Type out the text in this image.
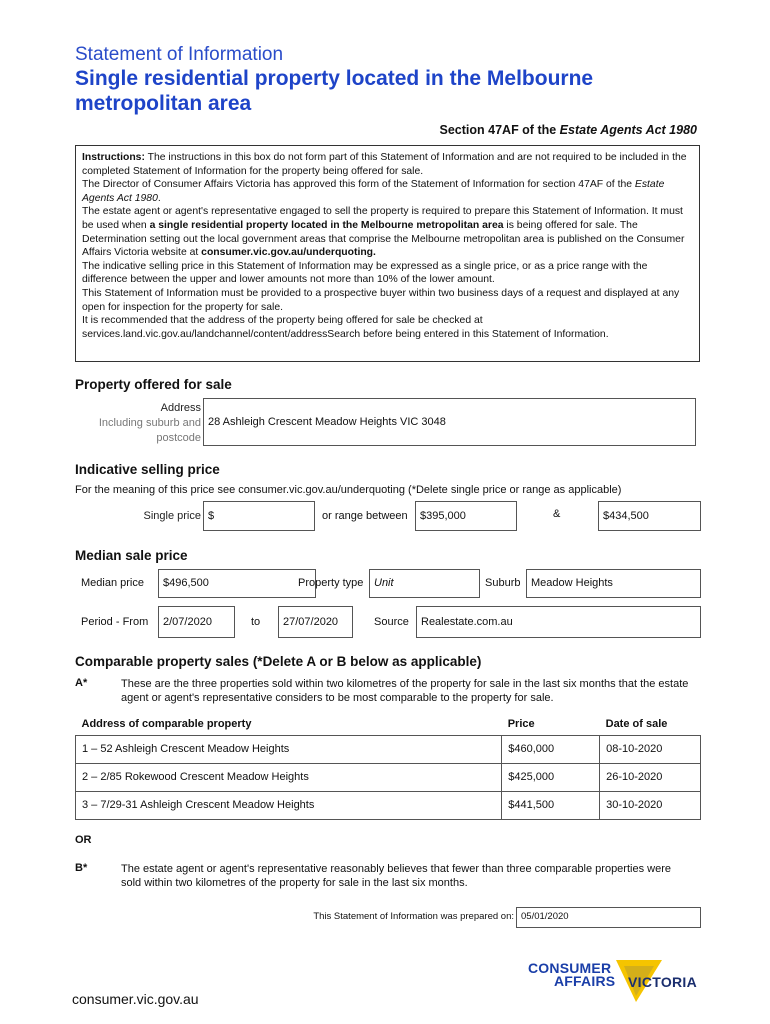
Statement of Information
Single residential property located in the Melbourne metropolitan area
Section 47AF of the Estate Agents Act 1980

Instructions: The instructions in this box do not form part of this Statement of Information and are not required to be included in the completed Statement of Information for the property being offered for sale.

The Director of Consumer Affairs Victoria has approved this form of the Statement of Information for section 47AF of the Estate Agents Act 1980.

The estate agent or agent's representative engaged to sell the property is required to prepare this Statement of Information. It must be used when a single residential property located in the Melbourne metropolitan area is being offered for sale. The Determination setting out the local government areas that comprise the Melbourne metropolitan area is published on the Consumer Affairs Victoria website at consumer.vic.gov.au/underquoting.

The indicative selling price in this Statement of Information may be expressed as a single price, or as a price range with the difference between the upper and lower amounts not more than 10% of the lower amount.

This Statement of Information must be provided to a prospective buyer within two business days of a request and displayed at any open for inspection for the property for sale.

It is recommended that the address of the property being offered for sale be checked at services.land.vic.gov.au/landchannel/content/addressSearch before being entered in this Statement of Information.

Property offered for sale
Address
Including suburb and
postcode
28 Ashleigh Crescent Meadow Heights VIC 3048
Indicative selling price
For the meaning of this price see consumer.vic.gov.au/underquoting (*Delete single price or range as applicable)
Single price $	or range between	$395,000	&	$434,500
Median sale price
Median price	$496,500	Property type Unit	Suburb Meadow Heights
Period - From	2/07/2020	to	27/07/2020	Source	Realestate.com.au
Comparable property sales (*Delete A or B below as applicable)
A*	These are the three properties sold within two kilometres of the property for sale in the last six months that the estate agent or agent's representative considers to be most comparable to the property for sale.
Address of comparable property	Price	Date of sale
1 – 52 Ashleigh Crescent Meadow Heights	$460,000	08-10-2020
2 – 2/85 Rokewood Crescent Meadow Heights	$425,000	26-10-2020
3 – 7/29-31 Ashleigh Crescent Meadow Heights	$441,500	30-10-2020
OR
B*	The estate agent or agent's representative reasonably believes that fewer than three comparable properties were sold within two kilometres of the property for sale in the last six months.
This Statement of Information was prepared on: 05/01/2020
CONSUMER
AFFAIRS VICTORIA
consumer.vic.gov.au
